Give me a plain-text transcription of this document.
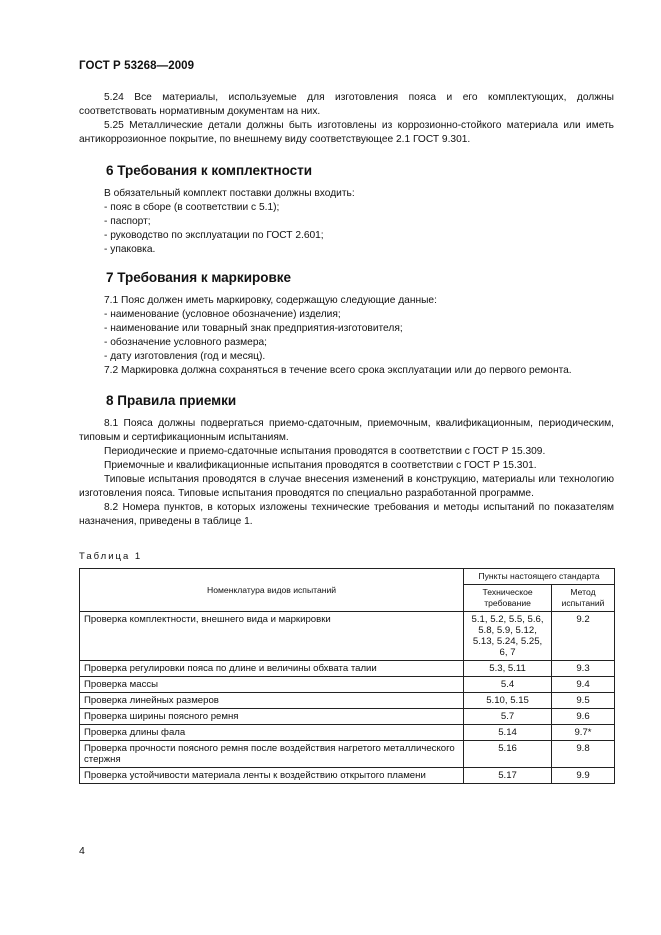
ГОСТ Р 53268—2009

5.24 Все материалы, используемые для изготовления пояса и его комплектующих, должны соответствовать нормативным документам на них.

5.25 Металлические детали должны быть изготовлены из коррозионно-стойкого материала или иметь антикоррозионное покрытие, по внешнему виду соответствующее 2.1 ГОСТ 9.301.

6 Требования к комплектности
В обязательный комплект поставки должны входить:
- пояс в сборе (в соответствии с 5.1);
- паспорт;
- руководство по эксплуатации по ГОСТ 2.601;
- упаковка.
7 Требования к маркировке
7.1 Пояс должен иметь маркировку, содержащую следующие данные:
- наименование (условное обозначение) изделия;
- наименование или товарный знак предприятия-изготовителя;
- обозначение условного размера;
- дату изготовления (год и месяц).
7.2 Маркировка должна сохраняться в течение всего срока эксплуатации или до первого ремонта.
8 Правила приемки

8.1 Пояса должны подвергаться приемо-сдаточным, приемочным, квалификационным, периодическим, типовым и сертификационным испытаниям.

Периодические и приемо-сдаточные испытания проводятся в соответствии с ГОСТ Р 15.309.

Приемочные и квалификационные испытания проводятся в соответствии с ГОСТ Р 15.301.

Типовые испытания проводятся в случае внесения изменений в конструкцию, материалы или технологию изготовления пояса. Типовые испытания проводятся по специально разработанной программе.

8.2 Номера пунктов, в которых изложены технические требования и методы испытаний по показателям назначения, приведены в таблице 1.

Таблица 1
Номенклатура видов испытаний	Пункты настоящего стандарта	
	Техническое требование	Метод испытаний
Проверка комплектности, внешнего вида и маркировки	5.1, 5.2, 5.5, 5.6, 5.8, 5.9, 5.12, 5.13, 5.24, 5.25, 6, 7	9.2
Проверка регулировки пояса по длине и величины обхвата талии	5.3, 5.11	9.3
Проверка массы	5.4	9.4
Проверка линейных размеров	5.10, 5.15	9.5
Проверка ширины поясного ремня	5.7	9.6
Проверка длины фала	5.14	9.7*
Проверка прочности поясного ремня после воздействия нагретого металлического стержня	5.16	9.8
Проверка устойчивости материала ленты к воздействию открытого пламени	5.17	9.9
4
